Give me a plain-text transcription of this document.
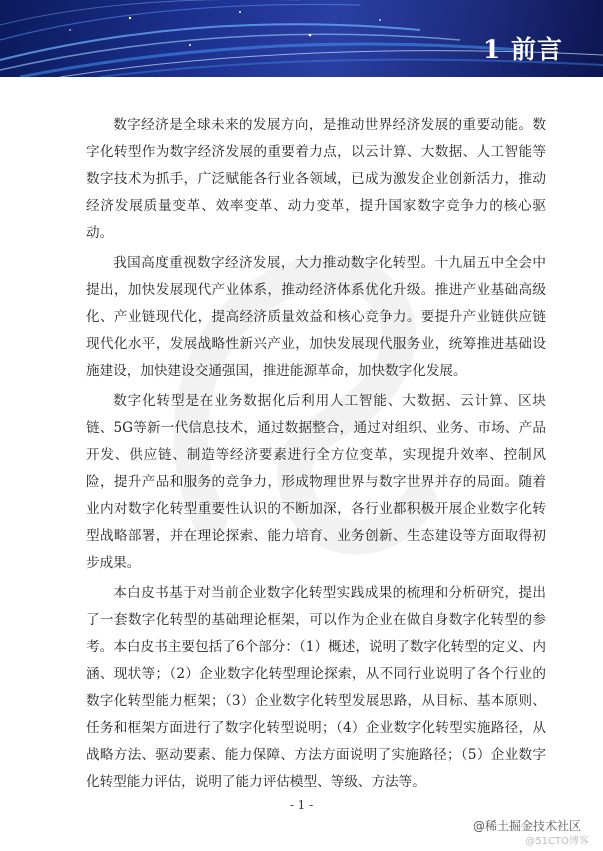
1 前言

数字经济是全球未来的发展方向，是推动世界经济发展的重要动能。数字化转型作为数字经济发展的重要着力点，以云计算、大数据、人工智能等数字技术为抓手，广泛赋能各行业各领域，已成为激发企业创新活力，推动经济发展质量变革、效率变革、动力变革，提升国家数字竞争力的核心驱动。

我国高度重视数字经济发展，大力推动数字化转型。十九届五中全会中提出，加快发展现代产业体系，推动经济体系优化升级。推进产业基础高级化、产业链现代化，提高经济质量效益和核心竞争力。要提升产业链供应链现代化水平，发展战略性新兴产业，加快发展现代服务业，统筹推进基础设施建设，加快建设交通强国，推进能源革命，加快数字化发展。

数字化转型是在业务数据化后利用人工智能、大数据、云计算、区块链、5G等新一代信息技术，通过数据整合，通过对组织、业务、市场、产品开发、供应链、制造等经济要素进行全方位变革，实现提升效率、控制风险，提升产品和服务的竞争力，形成物理世界与数字世界并存的局面。随着业内对数字化转型重要性认识的不断加深，各行业都积极开展企业数字化转型战略部署，并在理论探索、能力培育、业务创新、生态建设等方面取得初步成果。

本白皮书基于对当前企业数字化转型实践成果的梳理和分析研究，提出了一套数字化转型的基础理论框架，可以作为企业在做自身数字化转型的参考。本白皮书主要包括了6个部分：（1）概述，说明了数字化转型的定义、内涵、现状等；（2）企业数字化转型理论探索，从不同行业说明了各个行业的数字化转型能力框架；（3）企业数字化转型发展思路，从目标、基本原则、任务和框架方面进行了数字化转型说明；（4）企业数字化转型实施路径，从战略方法、驱动要素、能力保障、方法方面说明了实施路径；（5）企业数字化转型能力评估，说明了能力评估模型、等级、方法等。

- 1 -
@稀土掘金技术社区
@51CTO博客
